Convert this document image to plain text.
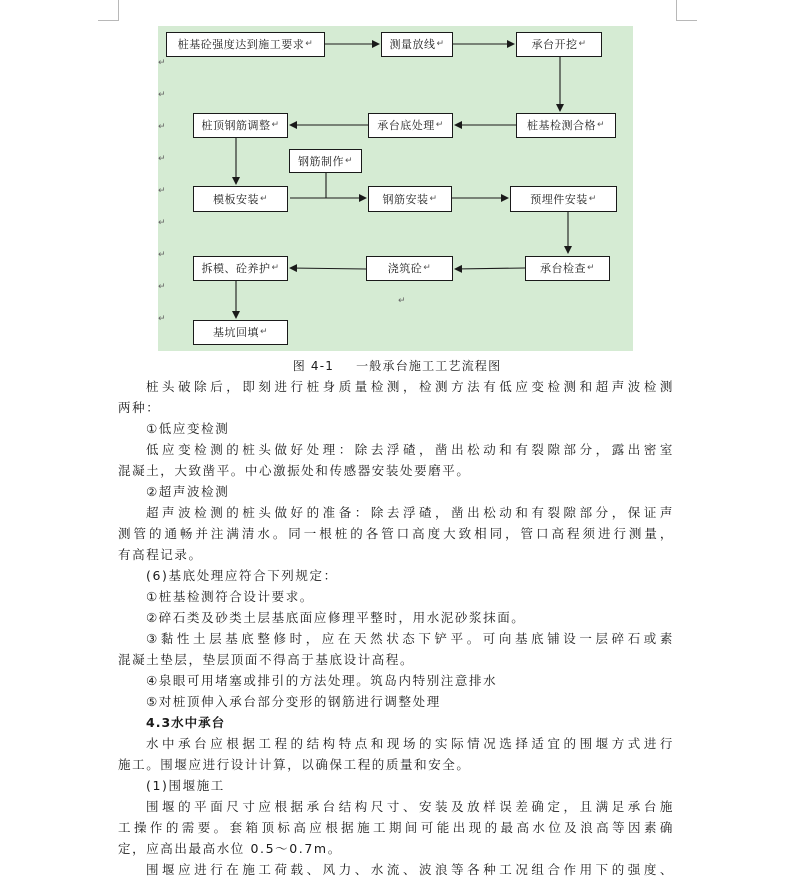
↵
↵
↵
↵
↵
↵
↵
↵
↵
↵
桩基砼强度达到施工要求 ↵	测量放线 ↵	承台开挖 ↵
桩基检测合格 ↵
承台底处理 ↵
桩顶钢筋调整 ↵
钢筋制作 ↵
模板安装 ↵	钢筋安装 ↵	预埋件安装 ↵
承台检查 ↵
浇筑砼 ↵
拆模、砼养护 ↵
基坑回填 ↵
图 4-1 一般承台施工工艺流程图
桩头破除后，即刻进行桩身质量检测，检测方法有低应变检测和超声波检测
两种：
①低应变检测
低应变检测的桩头做好处理：除去浮碴，凿出松动和有裂隙部分，露出密室
混凝土，大致凿平。中心激振处和传感器安装处要磨平。
②超声波检测
超声波检测的桩头做好的准备：除去浮碴，凿出松动和有裂隙部分，保证声
测管的通畅并注满清水。同一根桩的各管口高度大致相同，管口高程须进行测量，
有高程记录。
(6)基底处理应符合下列规定：
①桩基检测符合设计要求。
②碎石类及砂类土层基底面应修理平整时，用水泥砂浆抹面。
③黏性土层基底整修时，应在天然状态下铲平。可向基底铺设一层碎石或素
混凝土垫层，垫层顶面不得高于基底设计高程。
④泉眼可用堵塞或排引的方法处理。筑岛内特别注意排水
⑤对桩顶伸入承台部分变形的钢筋进行调整处理
4.3水中承台
水中承台应根据工程的结构特点和现场的实际情况选择适宜的围堰方式进行
施工。围堰应进行设计计算，以确保工程的质量和安全。
(1)围堰施工
围堰的平面尺寸应根据承台结构尺寸、安装及放样误差确定，且满足承台施
工操作的需要。套箱顶标高应根据施工期间可能出现的最高水位及浪高等因素确
定，应高出最高水位 0.5～0.7m。
围堰应进行在施工荷载、风力、水流、波浪等各种工况组合作用下的强度、
